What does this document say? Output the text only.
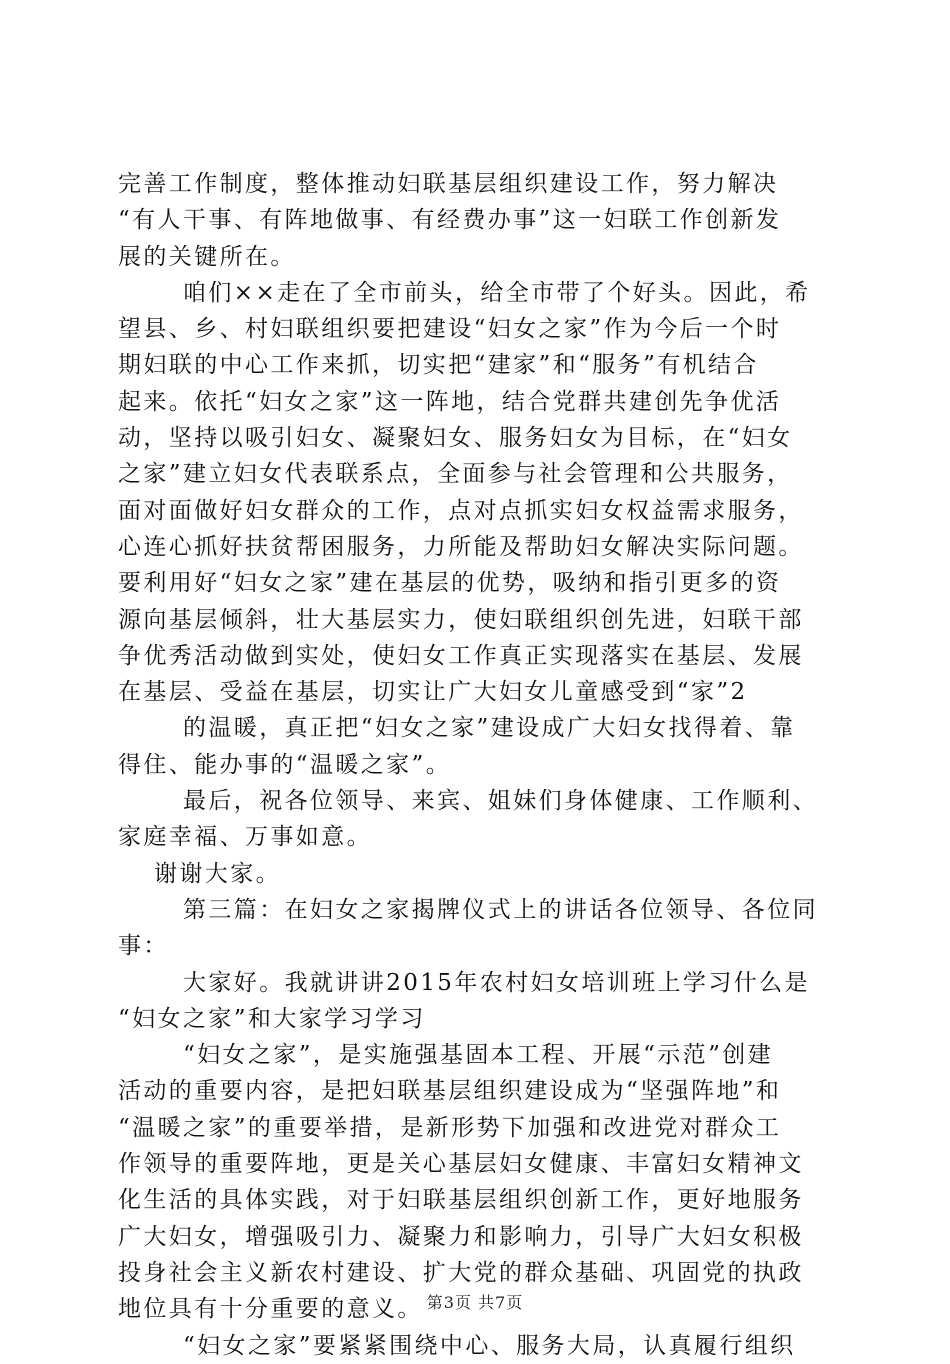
完善工作制度，整体推动妇联基层组织建设工作，努力解决
“有人干事、有阵地做事、有经费办事”这一妇联工作创新发
展的关键所在。
咱们××走在了全市前头，给全市带了个好头。因此，希
望县、乡、村妇联组织要把建设“妇女之家”作为今后一个时
期妇联的中心工作来抓，切实把“建家”和“服务”有机结合
起来。依托“妇女之家”这一阵地，结合党群共建创先争优活
动，坚持以吸引妇女、凝聚妇女、服务妇女为目标，在“妇女
之家”建立妇女代表联系点，全面参与社会管理和公共服务，
面对面做好妇女群众的工作，点对点抓实妇女权益需求服务，
心连心抓好扶贫帮困服务，力所能及帮助妇女解决实际问题。
要利用好“妇女之家”建在基层的优势，吸纳和指引更多的资
源向基层倾斜，壮大基层实力，使妇联组织创先进，妇联干部
争优秀活动做到实处，使妇女工作真正实现落实在基层、发展
在基层、受益在基层，切实让广大妇女儿童感受到“家”2
的温暖，真正把“妇女之家”建设成广大妇女找得着、靠
得住、能办事的“温暖之家”。
最后，祝各位领导、来宾、姐妹们身体健康、工作顺利、
家庭幸福、万事如意。
谢谢大家。
第三篇：在妇女之家揭牌仪式上的讲话各位领导、各位同
事：
大家好。我就讲讲2015年农村妇女培训班上学习什么是
“妇女之家”和大家学习学习
“妇女之家”，是实施强基固本工程、开展“示范”创建
活动的重要内容，是把妇联基层组织建设成为“坚强阵地”和
“温暖之家”的重要举措，是新形势下加强和改进党对群众工
作领导的重要阵地，更是关心基层妇女健康、丰富妇女精神文
化生活的具体实践，对于妇联基层组织创新工作，更好地服务
广大妇女，增强吸引力、凝聚力和影响力，引导广大妇女积极
投身社会主义新农村建设、扩大党的群众基础、巩固党的执政
地位具有十分重要的意义。
“妇女之家”要紧紧围绕中心、服务大局，认真履行组织
第3页 共7页
